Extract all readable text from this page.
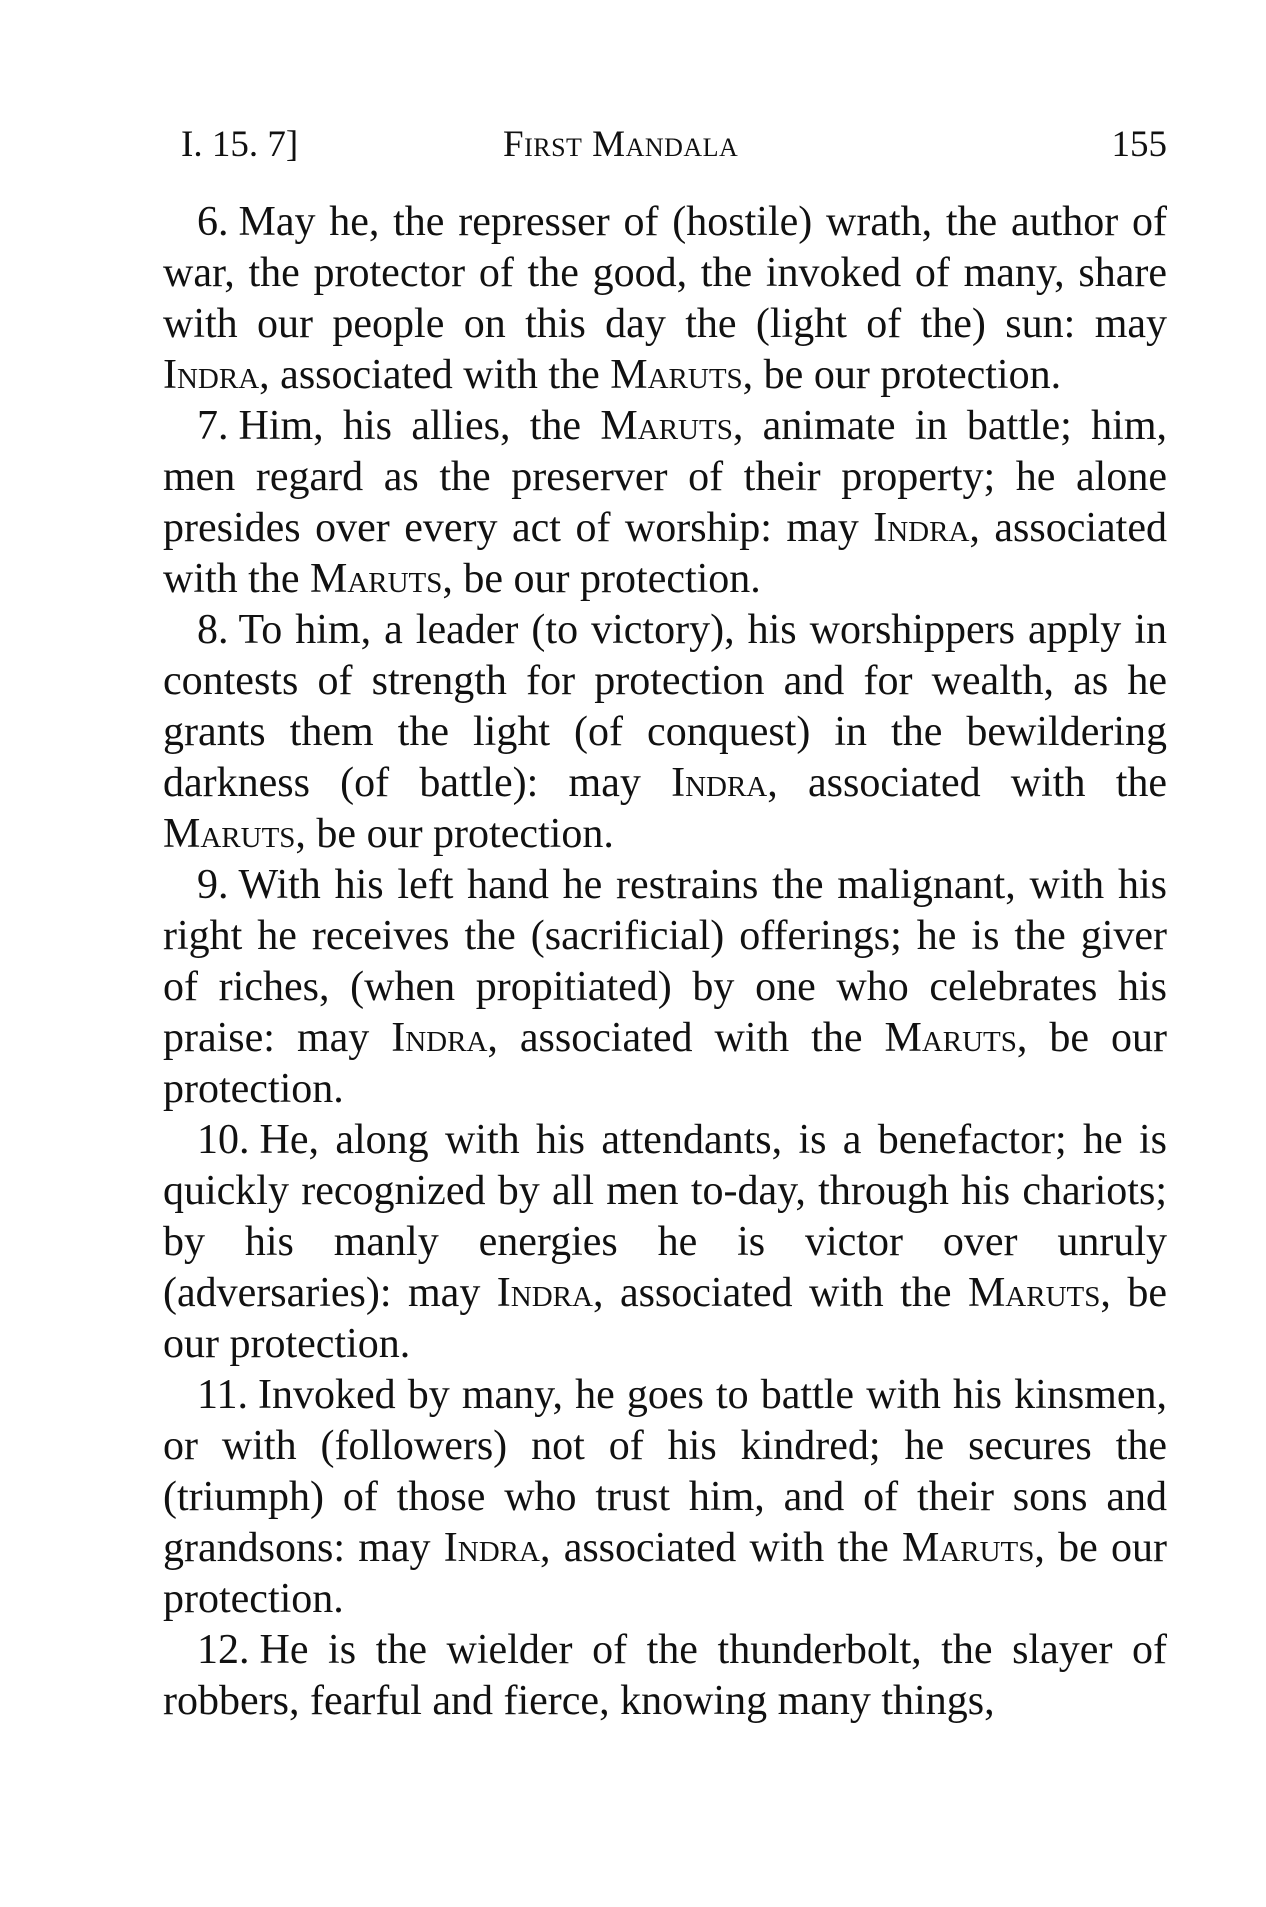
I. 15. 7]	First Mandala	155

6. May he, the represser of (hostile) wrath, the author of war, the protector of the good, the invoked of many, share with our people on this day the (light of the) sun: may Indra, associated with the Maruts, be our protection.

7. Him, his allies, the Maruts, animate in battle; him, men regard as the preserver of their property; he alone presides over every act of worship: may Indra, associated with the Maruts, be our protection.

8. To him, a leader (to victory), his worshippers apply in contests of strength for protection and for wealth, as he grants them the light (of conquest) in the bewildering darkness (of battle): may Indra, associated with the Maruts, be our protection.

9. With his left hand he restrains the malignant, with his right he receives the (sacrificial) offerings; he is the giver of riches, (when propitiated) by one who celebrates his praise: may Indra, associated with the Maruts, be our protection.

10. He, along with his attendants, is a benefactor; he is quickly recognized by all men to-day, through his chariots; by his manly energies he is victor over unruly (adversaries): may Indra, associated with the Maruts, be our protection.

11. Invoked by many, he goes to battle with his kinsmen, or with (followers) not of his kindred; he secures the (triumph) of those who trust him, and of their sons and grandsons: may Indra, associated with the Maruts, be our protection.

12. He is the wielder of the thunderbolt, the slayer of robbers, fearful and fierce, knowing many things,
